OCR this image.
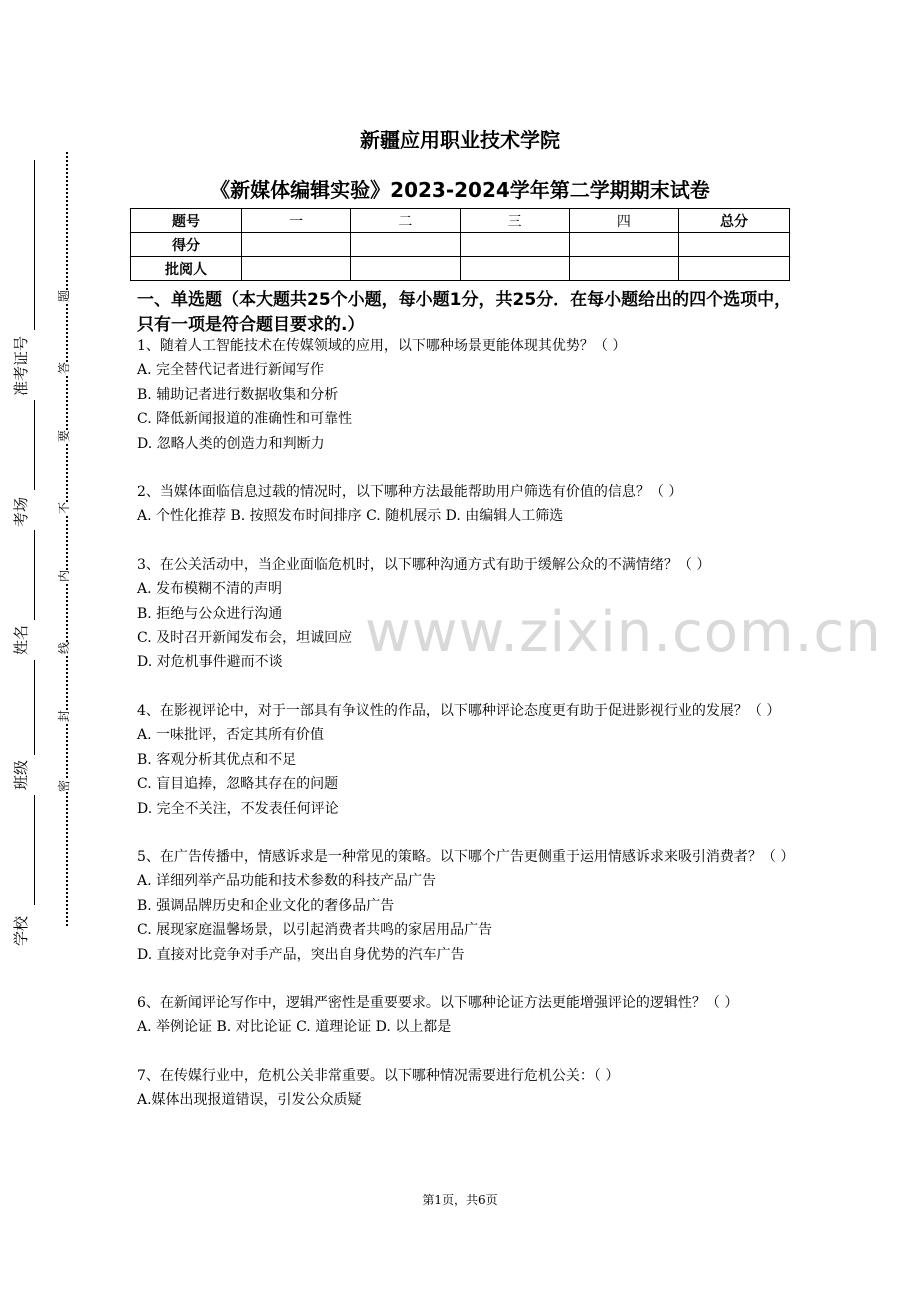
准考证号
考场
姓名
班级
学校
题
答
要
不
内
线
封
密
新疆应用职业技术学院
《新媒体编辑实验》2023-2024学年第二学期期末试卷
题号	一	二	三	四	总分
得分					
批阅人					
一、单选题（本大题共25个小题，每小题1分，共25分．在每小题给出的四个选项中，只有一项是符合题目要求的.）
www.zixin.com.cn

1、随着人工智能技术在传媒领域的应用，以下哪种场景更能体现其优势？（ ）

A. 完全替代记者进行新闻写作

B. 辅助记者进行数据收集和分析

C. 降低新闻报道的准确性和可靠性

D. 忽略人类的创造力和判断力

2、当媒体面临信息过载的情况时，以下哪种方法最能帮助用户筛选有价值的信息？（ ）

A. 个性化推荐 B. 按照发布时间排序 C. 随机展示 D. 由编辑人工筛选

3、在公关活动中，当企业面临危机时，以下哪种沟通方式有助于缓解公众的不满情绪？（ ）

A. 发布模糊不清的声明

B. 拒绝与公众进行沟通

C. 及时召开新闻发布会，坦诚回应

D. 对危机事件避而不谈

4、在影视评论中，对于一部具有争议性的作品，以下哪种评论态度更有助于促进影视行业的发展？（ ）

A. 一味批评，否定其所有价值

B. 客观分析其优点和不足

C. 盲目追捧，忽略其存在的问题

D. 完全不关注，不发表任何评论

5、在广告传播中，情感诉求是一种常见的策略。以下哪个广告更侧重于运用情感诉求来吸引消费者？（ ）

A. 详细列举产品功能和技术参数的科技产品广告

B. 强调品牌历史和企业文化的奢侈品广告

C. 展现家庭温馨场景，以引起消费者共鸣的家居用品广告

D. 直接对比竞争对手产品，突出自身优势的汽车广告

6、在新闻评论写作中，逻辑严密性是重要要求。以下哪种论证方法更能增强评论的逻辑性？（ ）

A. 举例论证 B. 对比论证 C. 道理论证 D. 以上都是

7、在传媒行业中，危机公关非常重要。以下哪种情况需要进行危机公关：（ ）

A.媒体出现报道错误，引发公众质疑

第1页，共6页
